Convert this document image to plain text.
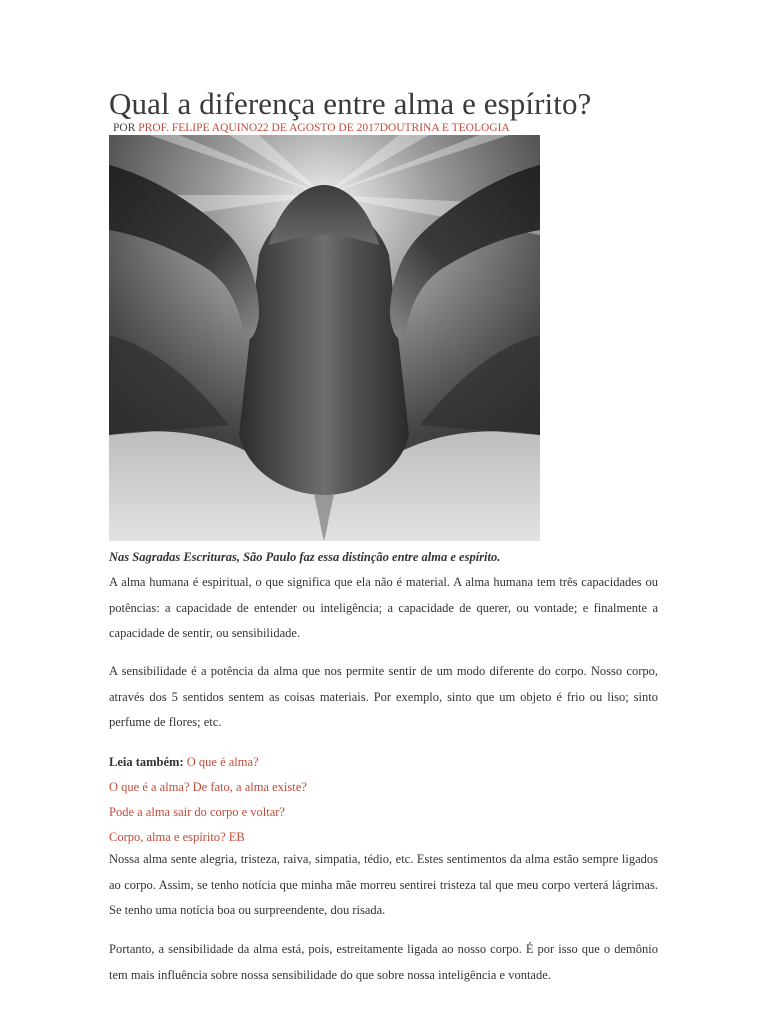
Qual a diferença entre alma e espírito?
POR PROF. FELIPE AQUINO22 DE AGOSTO DE 2017DOUTRINA E TEOLOGIA

Nas Sagradas Escrituras, São Paulo faz essa distinção entre alma e espírito.

A alma humana é espiritual, o que significa que ela não é material. A alma humana tem três capacidades ou potências: a capacidade de entender ou inteligência; a capacidade de querer, ou vontade; e finalmente a capacidade de sentir, ou sensibilidade.

A sensibilidade é a potência da alma que nos permite sentir de um modo diferente do corpo. Nosso corpo, através dos 5 sentidos sentem as coisas materiais. Por exemplo, sinto que um objeto é frio ou liso; sinto perfume de flores; etc.

Leia também: O que é alma?
O que é a alma? De fato, a alma existe?
Pode a alma sair do corpo e voltar?
Corpo, alma e espírito? EB

Nossa alma sente alegria, tristeza, raiva, simpatia, tédio, etc. Estes sentimentos da alma estão sempre ligados ao corpo. Assim, se tenho notícia que minha mãe morreu sentirei tristeza tal que meu corpo verterá lágrimas. Se tenho uma notícia boa ou surpreendente, dou risada.

Portanto, a sensibilidade da alma está, pois, estreitamente ligada ao nosso corpo. É por isso que o demônio tem mais influência sobre nossa sensibilidade do que sobre nossa inteligência e vontade.
